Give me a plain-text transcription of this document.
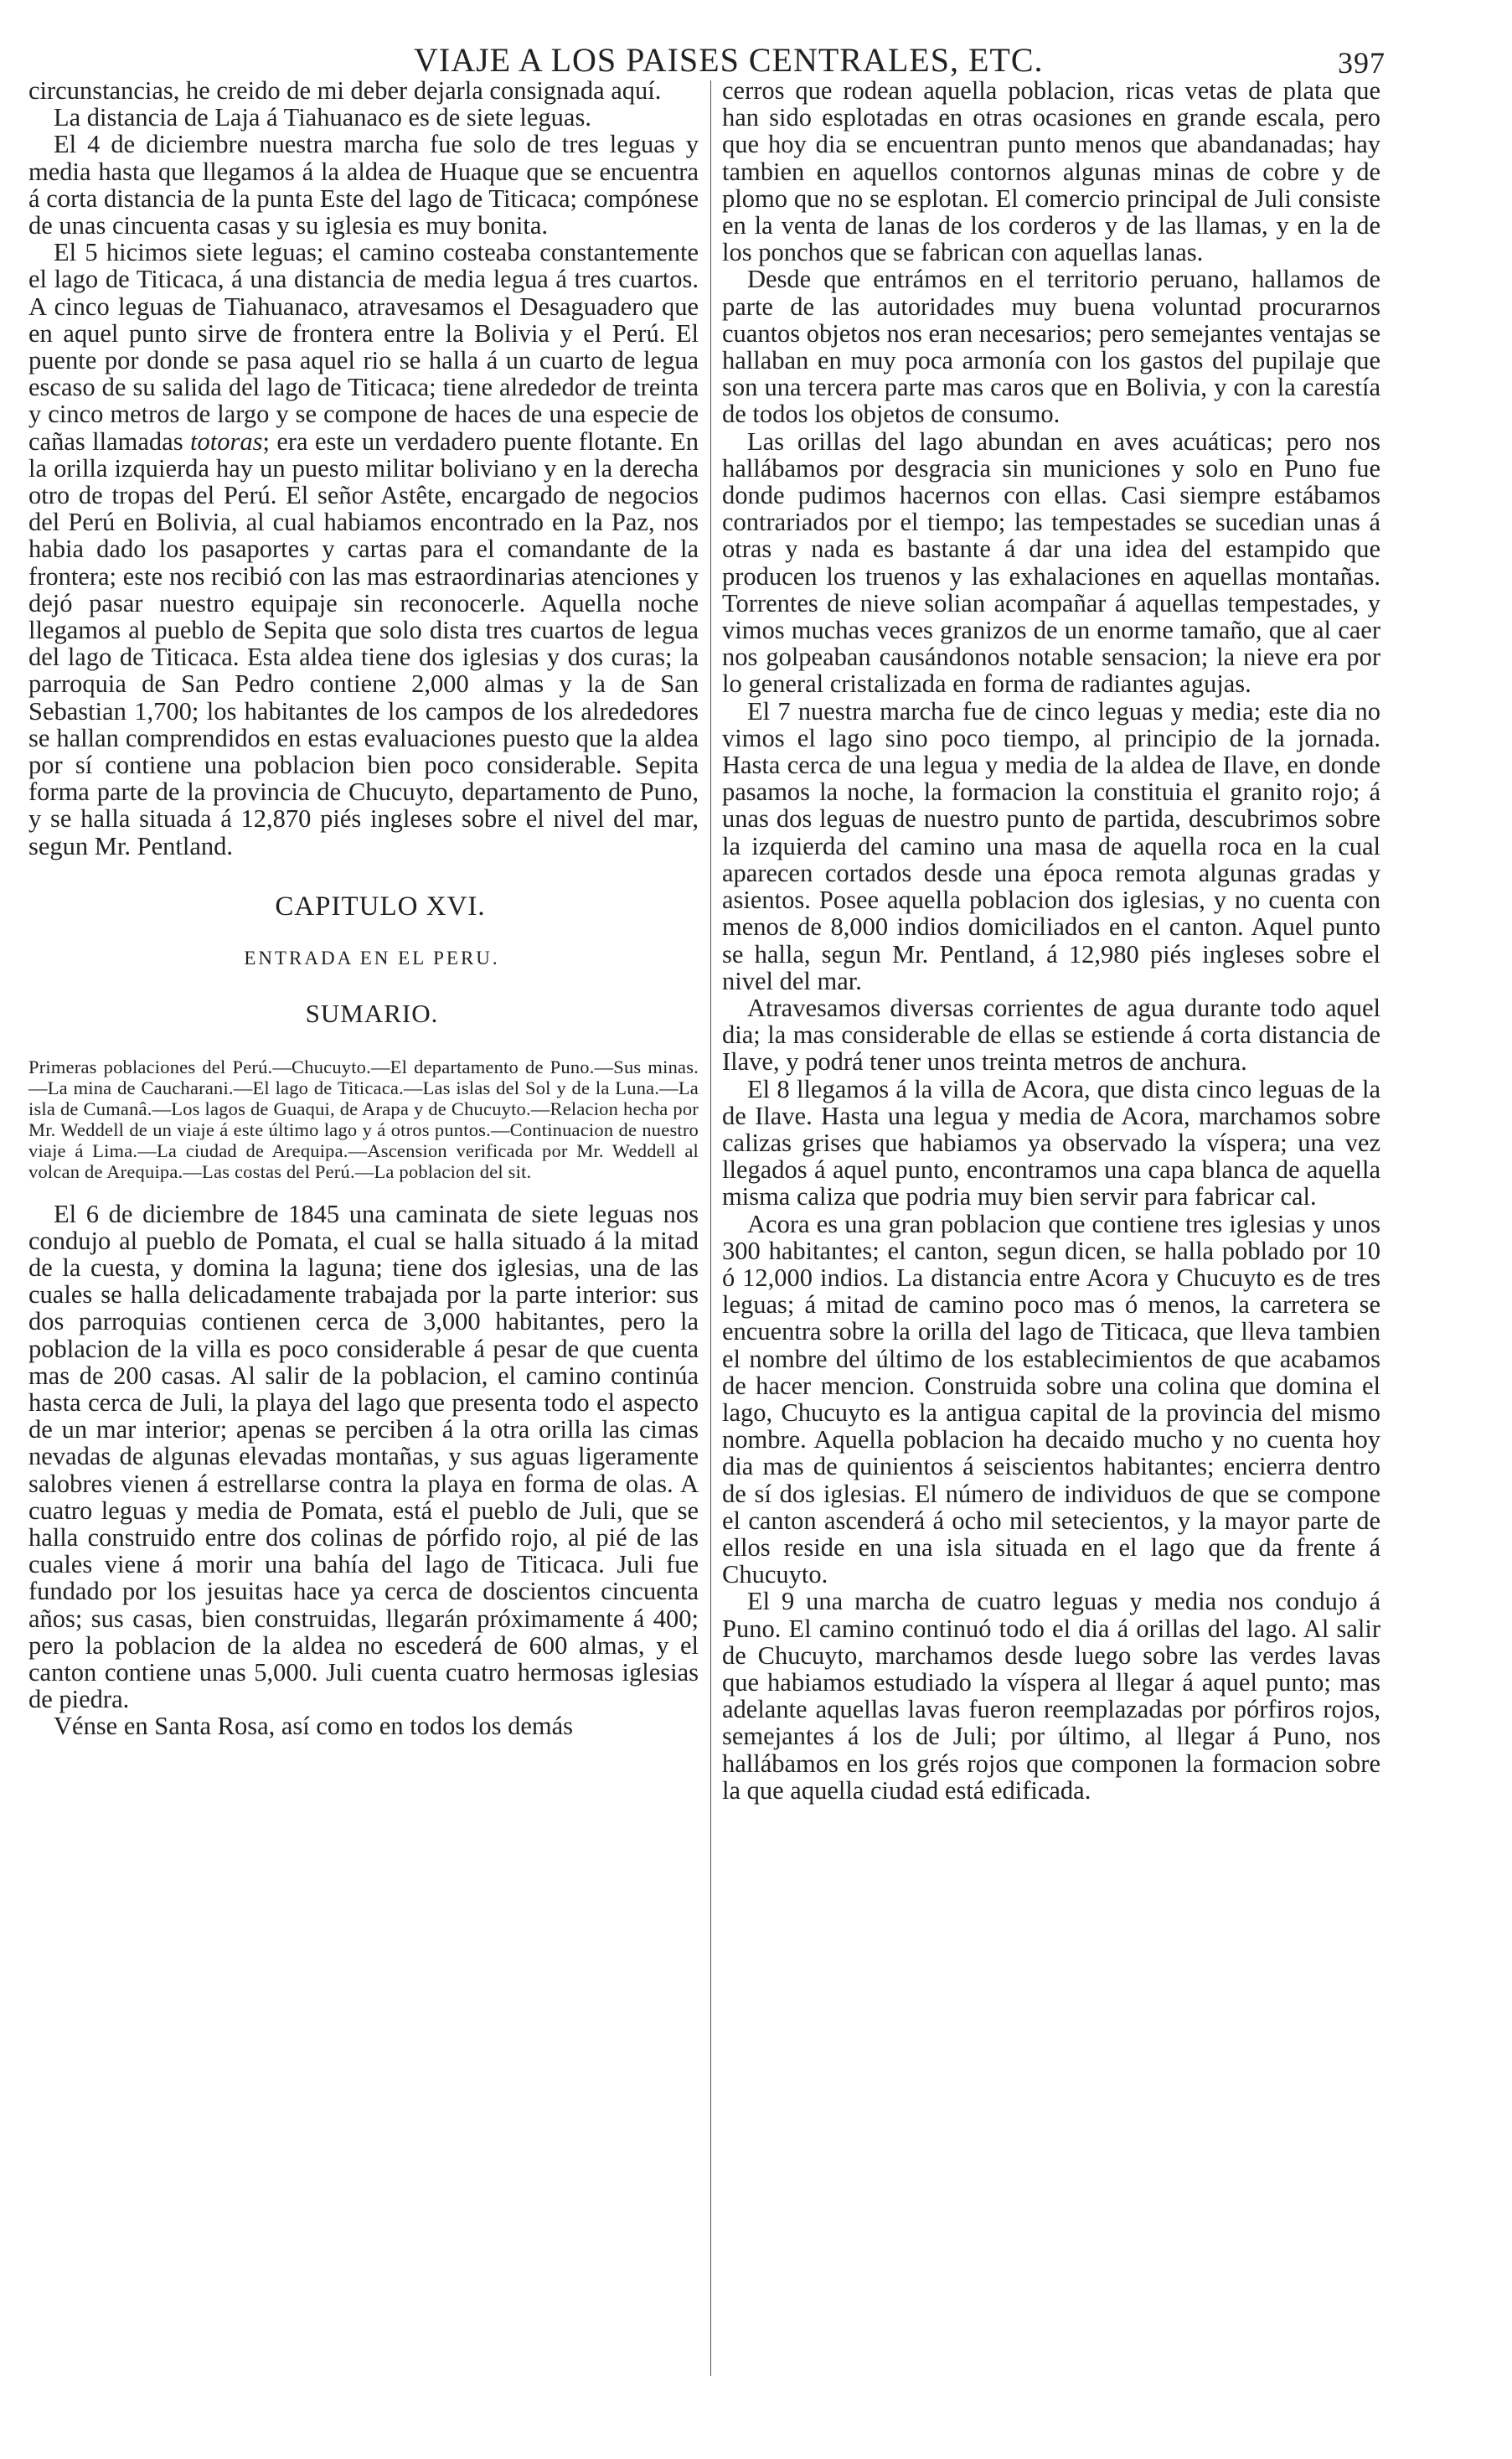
VIAJE A LOS PAISES CENTRALES, ETC.	397

circunstancias, he creido de mi deber dejarla consignada aquí.

La distancia de Laja á Tiahuanaco es de siete leguas.

El 4 de diciembre nuestra marcha fue solo de tres leguas y media hasta que llegamos á la aldea de Huaque que se encuentra á corta distancia de la punta Este del lago de Titicaca; compónese de unas cincuenta casas y su iglesia es muy bonita.

El 5 hicimos siete leguas; el camino costeaba constantemente el lago de Titicaca, á una distancia de media legua á tres cuartos. A cinco leguas de Tiahuanaco, atravesamos el Desaguadero que en aquel punto sirve de frontera entre la Bolivia y el Perú. El puente por donde se pasa aquel rio se halla á un cuarto de legua escaso de su salida del lago de Titicaca; tiene alrededor de treinta y cinco metros de largo y se compone de haces de una especie de cañas llamadas totoras; era este un verdadero puente flotante. En la orilla izquierda hay un puesto militar boliviano y en la derecha otro de tropas del Perú. El señor Astête, encargado de negocios del Perú en Bolivia, al cual habiamos encontrado en la Paz, nos habia dado los pasaportes y cartas para el comandante de la frontera; este nos recibió con las mas estraordinarias atenciones y dejó pasar nuestro equipaje sin reconocerle. Aquella noche llegamos al pueblo de Sepita que solo dista tres cuartos de legua del lago de Titicaca. Esta aldea tiene dos iglesias y dos curas; la parroquia de San Pedro contiene 2,000 almas y la de San Sebastian 1,700; los habitantes de los campos de los alrededores se hallan comprendidos en estas evaluaciones puesto que la aldea por sí contiene una poblacion bien poco considerable. Sepita forma parte de la provincia de Chucuyto, departamento de Puno, y se halla situada á 12,870 piés ingleses sobre el nivel del mar, segun Mr. Pentland.

CAPITULO XVI.
ENTRADA EN EL PERU.
SUMARIO.

Primeras poblaciones del Perú.—Chucuyto.—El departamento de Puno.—Sus minas.—La mina de Caucharani.—El lago de Titicaca.—Las islas del Sol y de la Luna.—La isla de Cumanâ.—Los lagos de Guaqui, de Arapa y de Chucuyto.—Relacion hecha por Mr. Weddell de un viaje á este último lago y á otros puntos.—Continuacion de nuestro viaje á Lima.—La ciudad de Arequipa.—Ascension verificada por Mr. Weddell al volcan de Arequipa.—Las costas del Perú.—La poblacion del sit.

El 6 de diciembre de 1845 una caminata de siete leguas nos condujo al pueblo de Pomata, el cual se halla situado á la mitad de la cuesta, y domina la laguna; tiene dos iglesias, una de las cuales se halla delicadamente trabajada por la parte interior: sus dos parroquias contienen cerca de 3,000 habitantes, pero la poblacion de la villa es poco considerable á pesar de que cuenta mas de 200 casas. Al salir de la poblacion, el camino continúa hasta cerca de Juli, la playa del lago que presenta todo el aspecto de un mar interior; apenas se perciben á la otra orilla las cimas nevadas de algunas elevadas montañas, y sus aguas ligeramente salobres vienen á estrellarse contra la playa en forma de olas. A cuatro leguas y media de Pomata, está el pueblo de Juli, que se halla construido entre dos colinas de pórfido rojo, al pié de las cuales viene á morir una bahía del lago de Titicaca. Juli fue fundado por los jesuitas hace ya cerca de doscientos cincuenta años; sus casas, bien construidas, llegarán próximamente á 400; pero la poblacion de la aldea no escederá de 600 almas, y el canton contiene unas 5,000. Juli cuenta cuatro hermosas iglesias de piedra.

Vénse en Santa Rosa, así como en todos los demás

cerros que rodean aquella poblacion, ricas vetas de plata que han sido esplotadas en otras ocasiones en grande escala, pero que hoy dia se encuentran punto menos que abandanadas; hay tambien en aquellos contornos algunas minas de cobre y de plomo que no se esplotan. El comercio principal de Juli consiste en la venta de lanas de los corderos y de las llamas, y en la de los ponchos que se fabrican con aquellas lanas.

Desde que entrámos en el territorio peruano, hallamos de parte de las autoridades muy buena voluntad procurarnos cuantos objetos nos eran necesarios; pero semejantes ventajas se hallaban en muy poca armonía con los gastos del pupilaje que son una tercera parte mas caros que en Bolivia, y con la carestía de todos los objetos de consumo.

Las orillas del lago abundan en aves acuáticas; pero nos hallábamos por desgracia sin municiones y solo en Puno fue donde pudimos hacernos con ellas. Casi siempre estábamos contrariados por el tiempo; las tempestades se sucedian unas á otras y nada es bastante á dar una idea del estampido que producen los truenos y las exhalaciones en aquellas montañas. Torrentes de nieve solian acompañar á aquellas tempestades, y vimos muchas veces granizos de un enorme tamaño, que al caer nos golpeaban causándonos notable sensacion; la nieve era por lo general cristalizada en forma de radiantes agujas.

El 7 nuestra marcha fue de cinco leguas y media; este dia no vimos el lago sino poco tiempo, al principio de la jornada. Hasta cerca de una legua y media de la aldea de Ilave, en donde pasamos la noche, la formacion la constituia el granito rojo; á unas dos leguas de nuestro punto de partida, descubrimos sobre la izquierda del camino una masa de aquella roca en la cual aparecen cortados desde una época remota algunas gradas y asientos. Posee aquella poblacion dos iglesias, y no cuenta con menos de 8,000 indios domiciliados en el canton. Aquel punto se halla, segun Mr. Pentland, á 12,980 piés ingleses sobre el nivel del mar.

Atravesamos diversas corrientes de agua durante todo aquel dia; la mas considerable de ellas se estiende á corta distancia de Ilave, y podrá tener unos treinta metros de anchura.

El 8 llegamos á la villa de Acora, que dista cinco leguas de la de Ilave. Hasta una legua y media de Acora, marchamos sobre calizas grises que habiamos ya observado la víspera; una vez llegados á aquel punto, encontramos una capa blanca de aquella misma caliza que podria muy bien servir para fabricar cal.

Acora es una gran poblacion que contiene tres iglesias y unos 300 habitantes; el canton, segun dicen, se halla poblado por 10 ó 12,000 indios. La distancia entre Acora y Chucuyto es de tres leguas; á mitad de camino poco mas ó menos, la carretera se encuentra sobre la orilla del lago de Titicaca, que lleva tambien el nombre del último de los establecimientos de que acabamos de hacer mencion. Construida sobre una colina que domina el lago, Chucuyto es la antigua capital de la provincia del mismo nombre. Aquella poblacion ha decaido mucho y no cuenta hoy dia mas de quinientos á seiscientos habitantes; encierra dentro de sí dos iglesias. El número de individuos de que se compone el canton ascenderá á ocho mil setecientos, y la mayor parte de ellos reside en una isla situada en el lago que da frente á Chucuyto.

El 9 una marcha de cuatro leguas y media nos condujo á Puno. El camino continuó todo el dia á orillas del lago. Al salir de Chucuyto, marchamos desde luego sobre las verdes lavas que habiamos estudiado la víspera al llegar á aquel punto; mas adelante aquellas lavas fueron reemplazadas por pórfiros rojos, semejantes á los de Juli; por último, al llegar á Puno, nos hallábamos en los grés rojos que componen la formacion sobre la que aquella ciudad está edificada.
